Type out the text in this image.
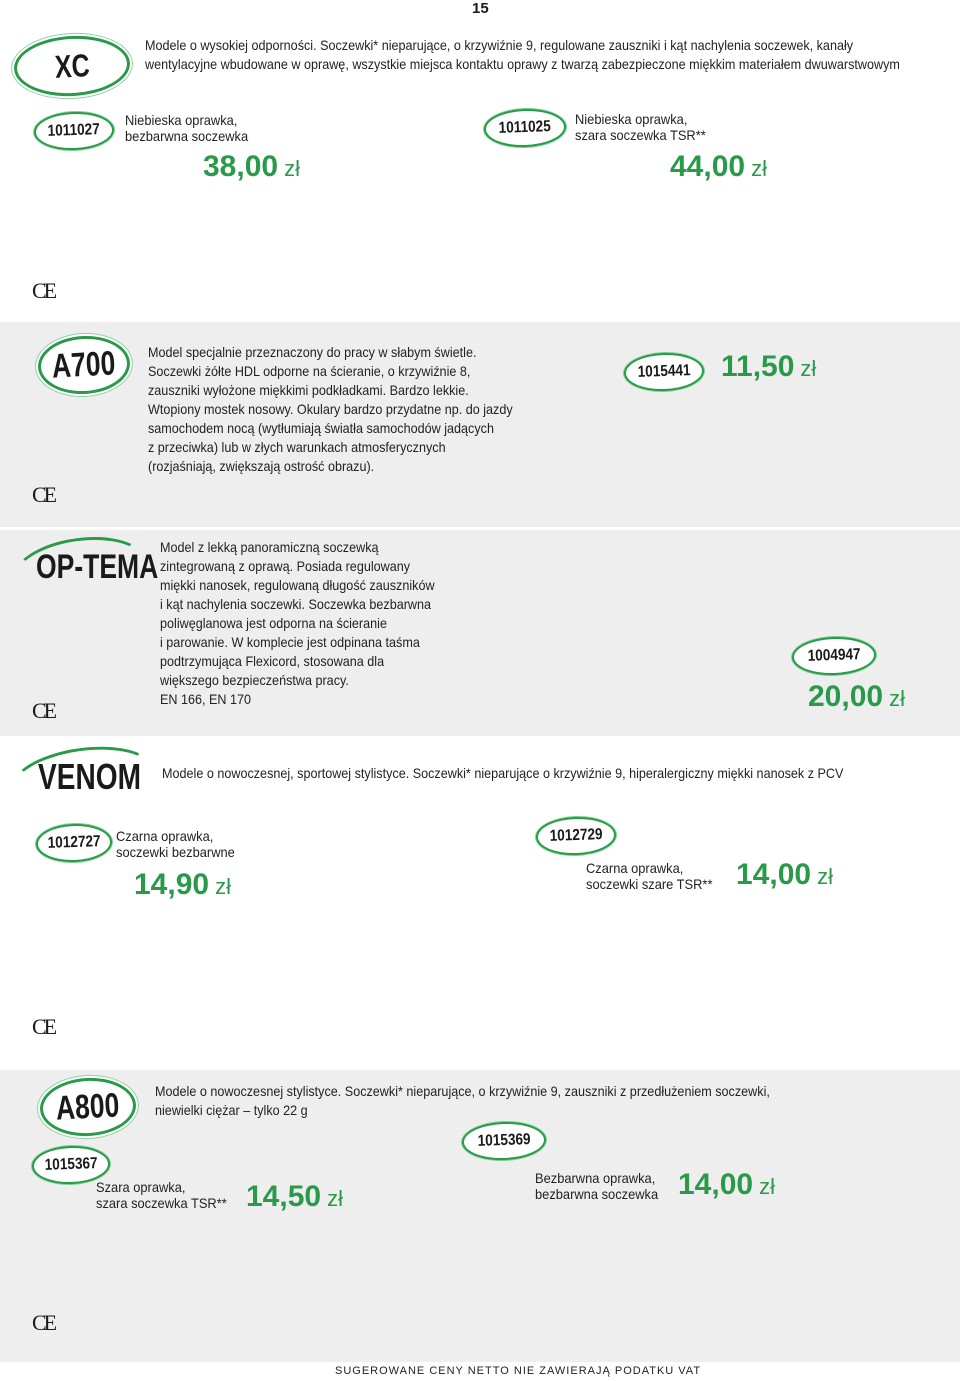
15
XC
Modele o wysokiej odporności. Soczewki* nieparujące, o krzywiźnie 9, regulowane zauszniki i kąt nachylenia soczewek, kanały wentylacyjne wbudowane w oprawę, wszystkie miejsca kontaktu oprawy z twarzą zabezpieczone miękkim materiałem dwuwarstwowym
1011027
Niebieska oprawka,
bezbarwna soczewka
38,00 zł
1011025 Niebieska oprawka,
szara soczewka TSR**
44,00 zł
CE
A700 Model specjalnie przeznaczony do pracy w słabym świetle.
Soczewki żółte HDL odporne na ścieranie, o krzywiźnie 8,
zauszniki wyłożone miękkimi podkładkami. Bardzo lekkie.
Wtopiony mostek nosowy. Okulary bardzo przydatne np. do jazdy
samochodem nocą (wytłumiają światła samochodów jadących
z przeciwka) lub w złych warunkach atmosferycznych
(rozjaśniają, zwiększają ostrość obrazu).
1015441 11,50 zł
CE
OP-TEMA
Model z lekką panoramiczną soczewką
zintegrowaną z oprawą. Posiada regulowany
miękki nanosek, regulowaną długość zauszników
i kąt nachylenia soczewki. Soczewka bezbarwna
poliwęglanowa jest odporna na ścieranie
i parowanie. W komplecie jest odpinana taśma
podtrzymująca Flexicord, stosowana dla
większego bezpieczeństwa pracy.
EN 166, EN 170
1004947
20,00 zł
CE
VENOM	Modele o nowoczesnej, sportowej stylistyce. Soczewki* nieparujące o krzywiźnie 9, hiperalergiczny miękki nanosek z PCV
1012727 Czarna oprawka,
soczewki bezbarwne
14,90 zł
1012729
Czarna oprawka,
soczewki szare TSR** 14,00 zł
CE
A800 Modele o nowoczesnej stylistyce. Soczewki* nieparujące, o krzywiźnie 9, zauszniki z przedłużeniem soczewki,
niewielki ciężar – tylko 22 g
1015367
Szara oprawka,
szara soczewka TSR** 14,50 zł
1015369
Bezbarwna oprawka,
bezbarwna soczewka 14,00 zł
CE
SUGEROWANE CENY NETTO NIE ZAWIERAJĄ PODATKU VAT
